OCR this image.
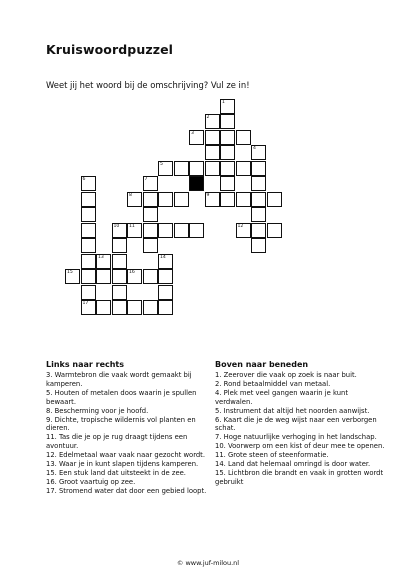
Kruiswoordpuzzel
Weet jij het woord bij de omschrijving? Vul ze in!
1
2
3
4
5
6
17
7
8	9
10 11	12
13	14
15	16
Links naar rechts
3. Warmtebron die vaak wordt gemaakt bij kamperen.
5. Houten of metalen doos waarin je spullen bewaart.
8. Bescherming voor je hoofd.
9. Dichte, tropische wildernis vol planten en dieren.
11. Tas die je op je rug draagt tijdens een avontuur.
12. Edelmetaal waar vaak naar gezocht wordt.
13. Waar je in kunt slapen tijdens kamperen.
15. Een stuk land dat uitsteekt in de zee.
16. Groot vaartuig op zee.
17. Stromend water dat door een gebied loopt.
Boven naar beneden
1. Zeerover die vaak op zoek is naar buit.
2. Rond betaalmiddel van metaal.
4. Plek met veel gangen waarin je kunt verdwalen.
5. Instrument dat altijd het noorden aanwijst.
6. Kaart die je de weg wijst naar een verborgen schat.
7. Hoge natuurlijke verhoging in het landschap.
10. Voorwerp om een kist of deur mee te openen.
11. Grote steen of steenformatie.
14. Land dat helemaal omringd is door water.
15. Lichtbron die brandt en vaak in grotten wordt gebruikt
© www.juf-milou.nl
